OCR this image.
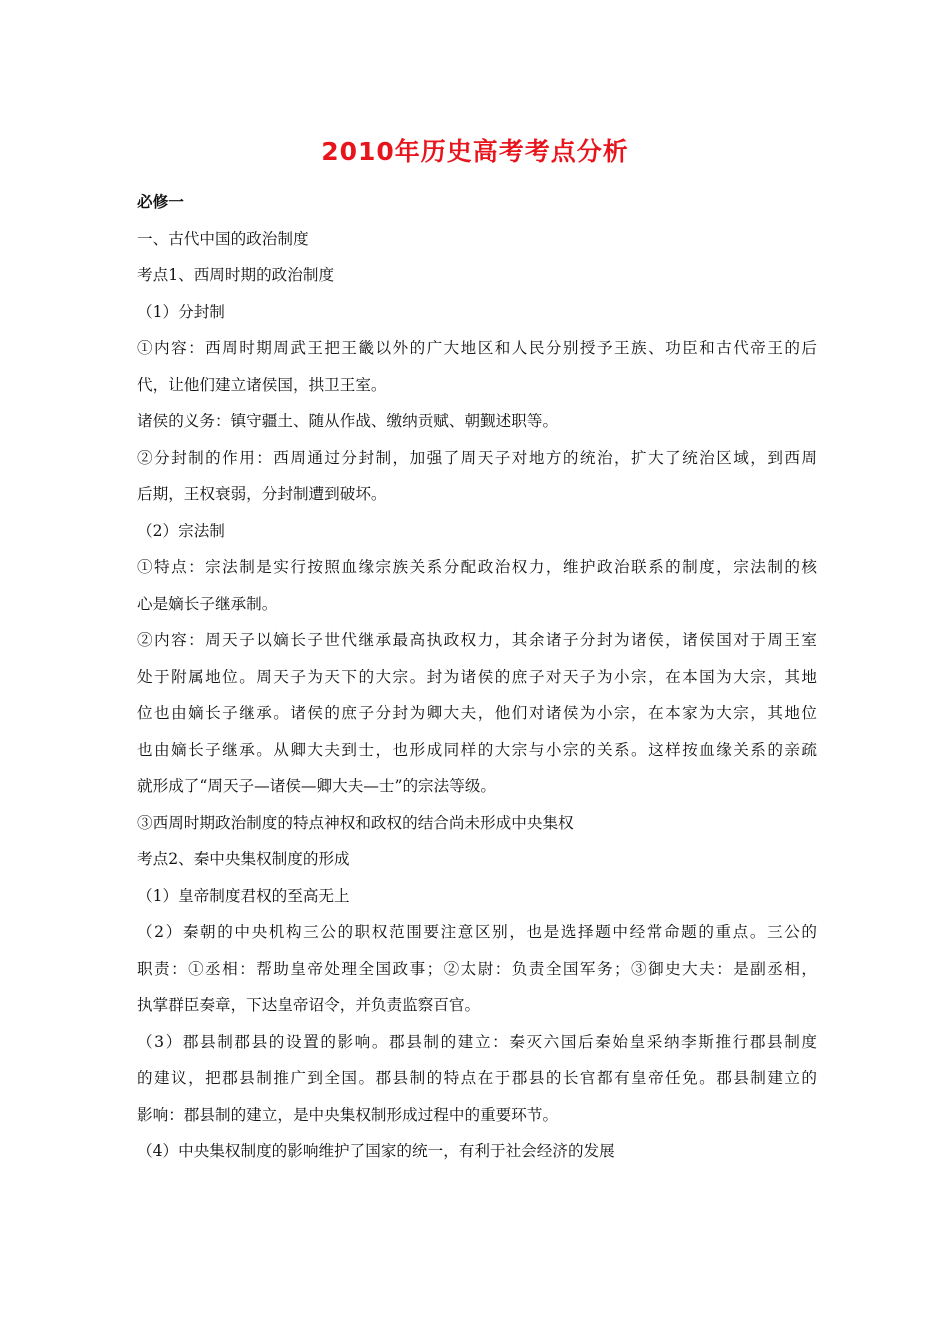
2010年历史高考考点分析
必修一
一、古代中国的政治制度
考点1、西周时期的政治制度
（1）分封制
①内容：西周时期周武王把王畿以外的广大地区和人民分别授予王族、功臣和古代帝王的后
代，让他们建立诸侯国，拱卫王室。
诸侯的义务：镇守疆土、随从作战、缴纳贡赋、朝觐述职等。
②分封制的作用：西周通过分封制，加强了周天子对地方的统治，扩大了统治区域，到西周
后期，王权衰弱，分封制遭到破坏。
（2）宗法制
①特点：宗法制是实行按照血缘宗族关系分配政治权力，维护政治联系的制度，宗法制的核
心是嫡长子继承制。
②内容：周天子以嫡长子世代继承最高执政权力，其余诸子分封为诸侯，诸侯国对于周王室
处于附属地位。周天子为天下的大宗。封为诸侯的庶子对天子为小宗，在本国为大宗，其地
位也由嫡长子继承。诸侯的庶子分封为卿大夫，他们对诸侯为小宗，在本家为大宗，其地位
也由嫡长子继承。从卿大夫到士，也形成同样的大宗与小宗的关系。这样按血缘关系的亲疏
就形成了“周天子—诸侯—卿大夫—士”的宗法等级。
③西周时期政治制度的特点神权和政权的结合尚未形成中央集权
考点2、秦中央集权制度的形成
（1）皇帝制度君权的至高无上
（2）秦朝的中央机构三公的职权范围要注意区别，也是选择题中经常命题的重点。三公的
职责：①丞相：帮助皇帝处理全国政事；②太尉：负责全国军务；③御史大夫：是副丞相，
执掌群臣奏章，下达皇帝诏令，并负责监察百官。
（3）郡县制郡县的设置的影响。郡县制的建立：秦灭六国后秦始皇采纳李斯推行郡县制度
的建议，把郡县制推广到全国。郡县制的特点在于郡县的长官都有皇帝任免。郡县制建立的
影响：郡县制的建立，是中央集权制形成过程中的重要环节。
（4）中央集权制度的影响维护了国家的统一，有利于社会经济的发展
